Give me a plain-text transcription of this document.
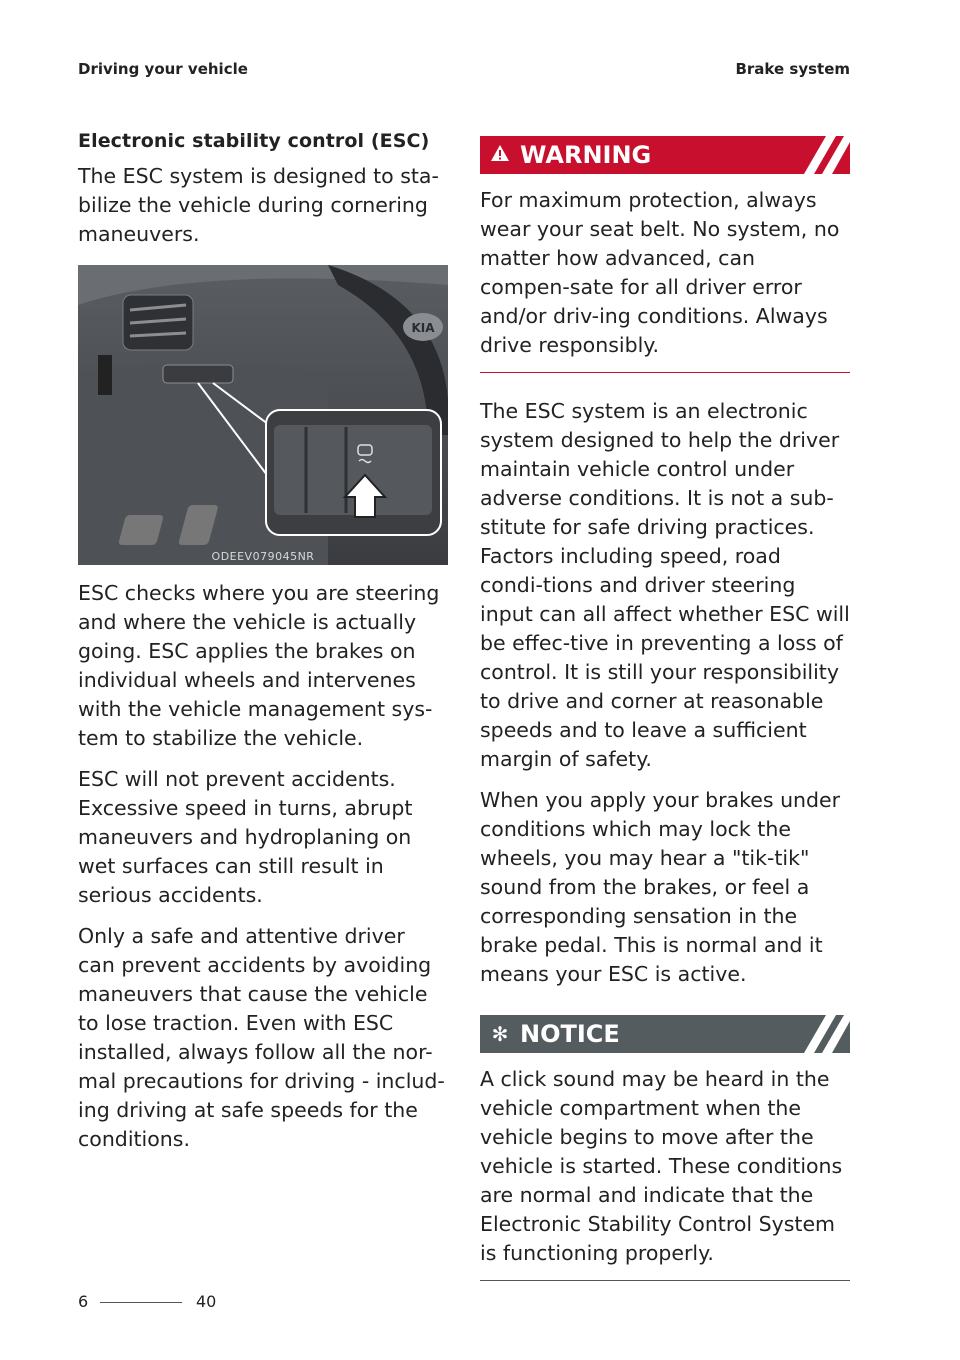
Driving your vehicle	Brake system
Electronic stability control (ESC)

The ESC system is designed to sta-bilize the vehicle during cornering maneuvers.

KIA
ODEEV079045NR

ESC checks where you are steering and where the vehicle is actually going. ESC applies the brakes on individual wheels and intervenes with the vehicle management sys-tem to stabilize the vehicle.

ESC will not prevent accidents. Excessive speed in turns, abrupt maneuvers and hydroplaning on wet surfaces can still result in serious accidents.

Only a safe and attentive driver can prevent accidents by avoiding maneuvers that cause the vehicle to lose traction. Even with ESC installed, always follow all the nor-mal precautions for driving - includ-ing driving at safe speeds for the conditions.

WARNING

For maximum protection, always wear your seat belt. No system, no matter how advanced, can compen-sate for all driver error and/or driv-ing conditions. Always drive responsibly.

The ESC system is an electronic system designed to help the driver maintain vehicle control under adverse conditions. It is not a sub-stitute for safe driving practices. Factors including speed, road condi-tions and driver steering input can all affect whether ESC will be effec-tive in preventing a loss of control. It is still your responsibility to drive and corner at reasonable speeds and to leave a sufficient margin of safety.

When you apply your brakes under conditions which may lock the wheels, you may hear a "tik-tik" sound from the brakes, or feel a corresponding sensation in the brake pedal. This is normal and it means your ESC is active.

✻ NOTICE

A click sound may be heard in the vehicle compartment when the vehicle begins to move after the vehicle is started. These conditions are normal and indicate that the Electronic Stability Control System is functioning properly.

6	40
